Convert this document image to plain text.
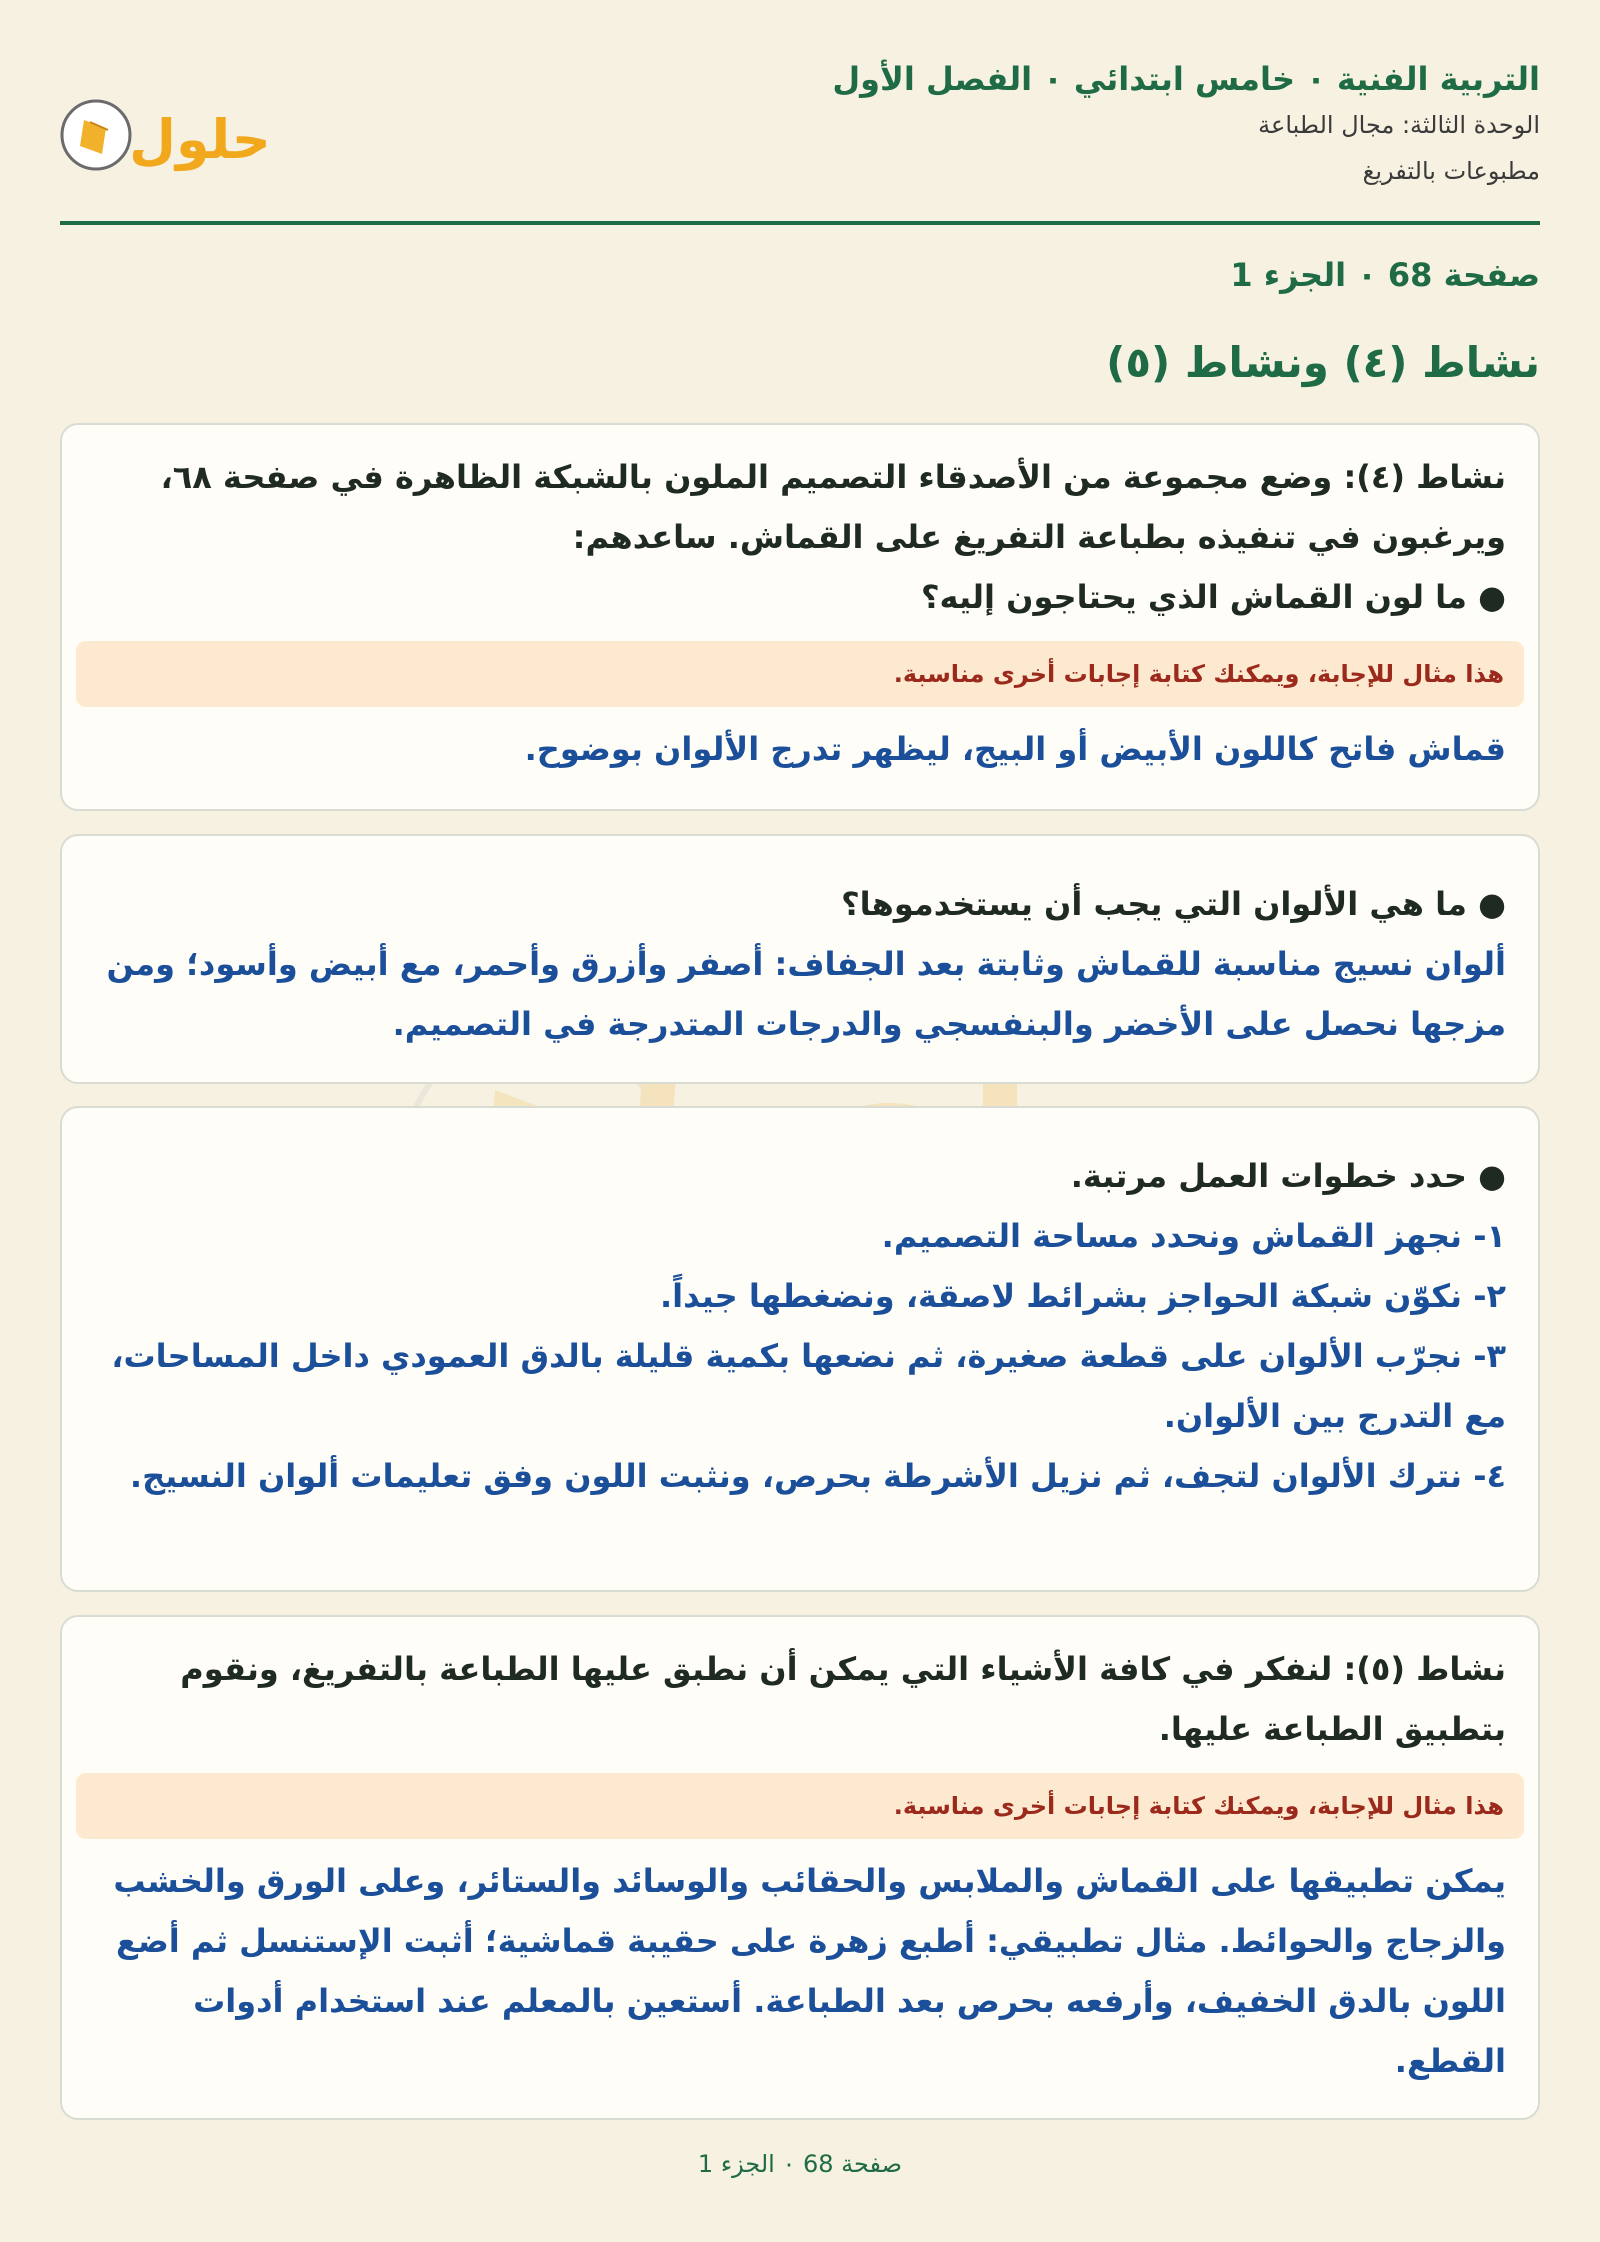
التربية الفنية ۰ خامس ابتدائي ۰ الفصل الأول
الوحدة الثالثة: مجال الطباعة
مطبوعات بالتفريغ
حلول
صفحة 68 ۰ الجزء 1
نشاط (٤) ونشاط (٥)
نشاط (٤): وضع مجموعة من الأصدقاء التصميم الملون بالشبكة الظاهرة في صفحة ٦٨، ويرغبون في تنفيذه بطباعة التفريغ على القماش. ساعدهم:
● ما لون القماش الذي يحتاجون إليه؟
هذا مثال للإجابة، ويمكنك كتابة إجابات أخرى مناسبة.
قماش فاتح كاللون الأبيض أو البيج، ليظهر تدرج الألوان بوضوح.
● ما هي الألوان التي يجب أن يستخدموها؟
ألوان نسيج مناسبة للقماش وثابتة بعد الجفاف: أصفر وأزرق وأحمر، مع أبيض وأسود؛ ومن مزجها نحصل على الأخضر والبنفسجي والدرجات المتدرجة في التصميم.
● حدد خطوات العمل مرتبة.
١- نجهز القماش ونحدد مساحة التصميم.
٢- نكوّن شبكة الحواجز بشرائط لاصقة، ونضغطها جيداً.
٣- نجرّب الألوان على قطعة صغيرة، ثم نضعها بكمية قليلة بالدق العمودي داخل المساحات، مع التدرج بين الألوان.
٤- نترك الألوان لتجف، ثم نزيل الأشرطة بحرص، ونثبت اللون وفق تعليمات ألوان النسيج.
نشاط (٥): لنفكر في كافة الأشياء التي يمكن أن نطبق عليها الطباعة بالتفريغ، ونقوم بتطبيق الطباعة عليها.
هذا مثال للإجابة، ويمكنك كتابة إجابات أخرى مناسبة.
يمكن تطبيقها على القماش والملابس والحقائب والوسائد والستائر، وعلى الورق والخشب والزجاج والحوائط. مثال تطبيقي: أطبع زهرة على حقيبة قماشية؛ أثبت الإستنسل ثم أضع اللون بالدق الخفيف، وأرفعه بحرص بعد الطباعة. أستعين بالمعلم عند استخدام أدوات القطع.
صفحة 68 ۰ الجزء 1
